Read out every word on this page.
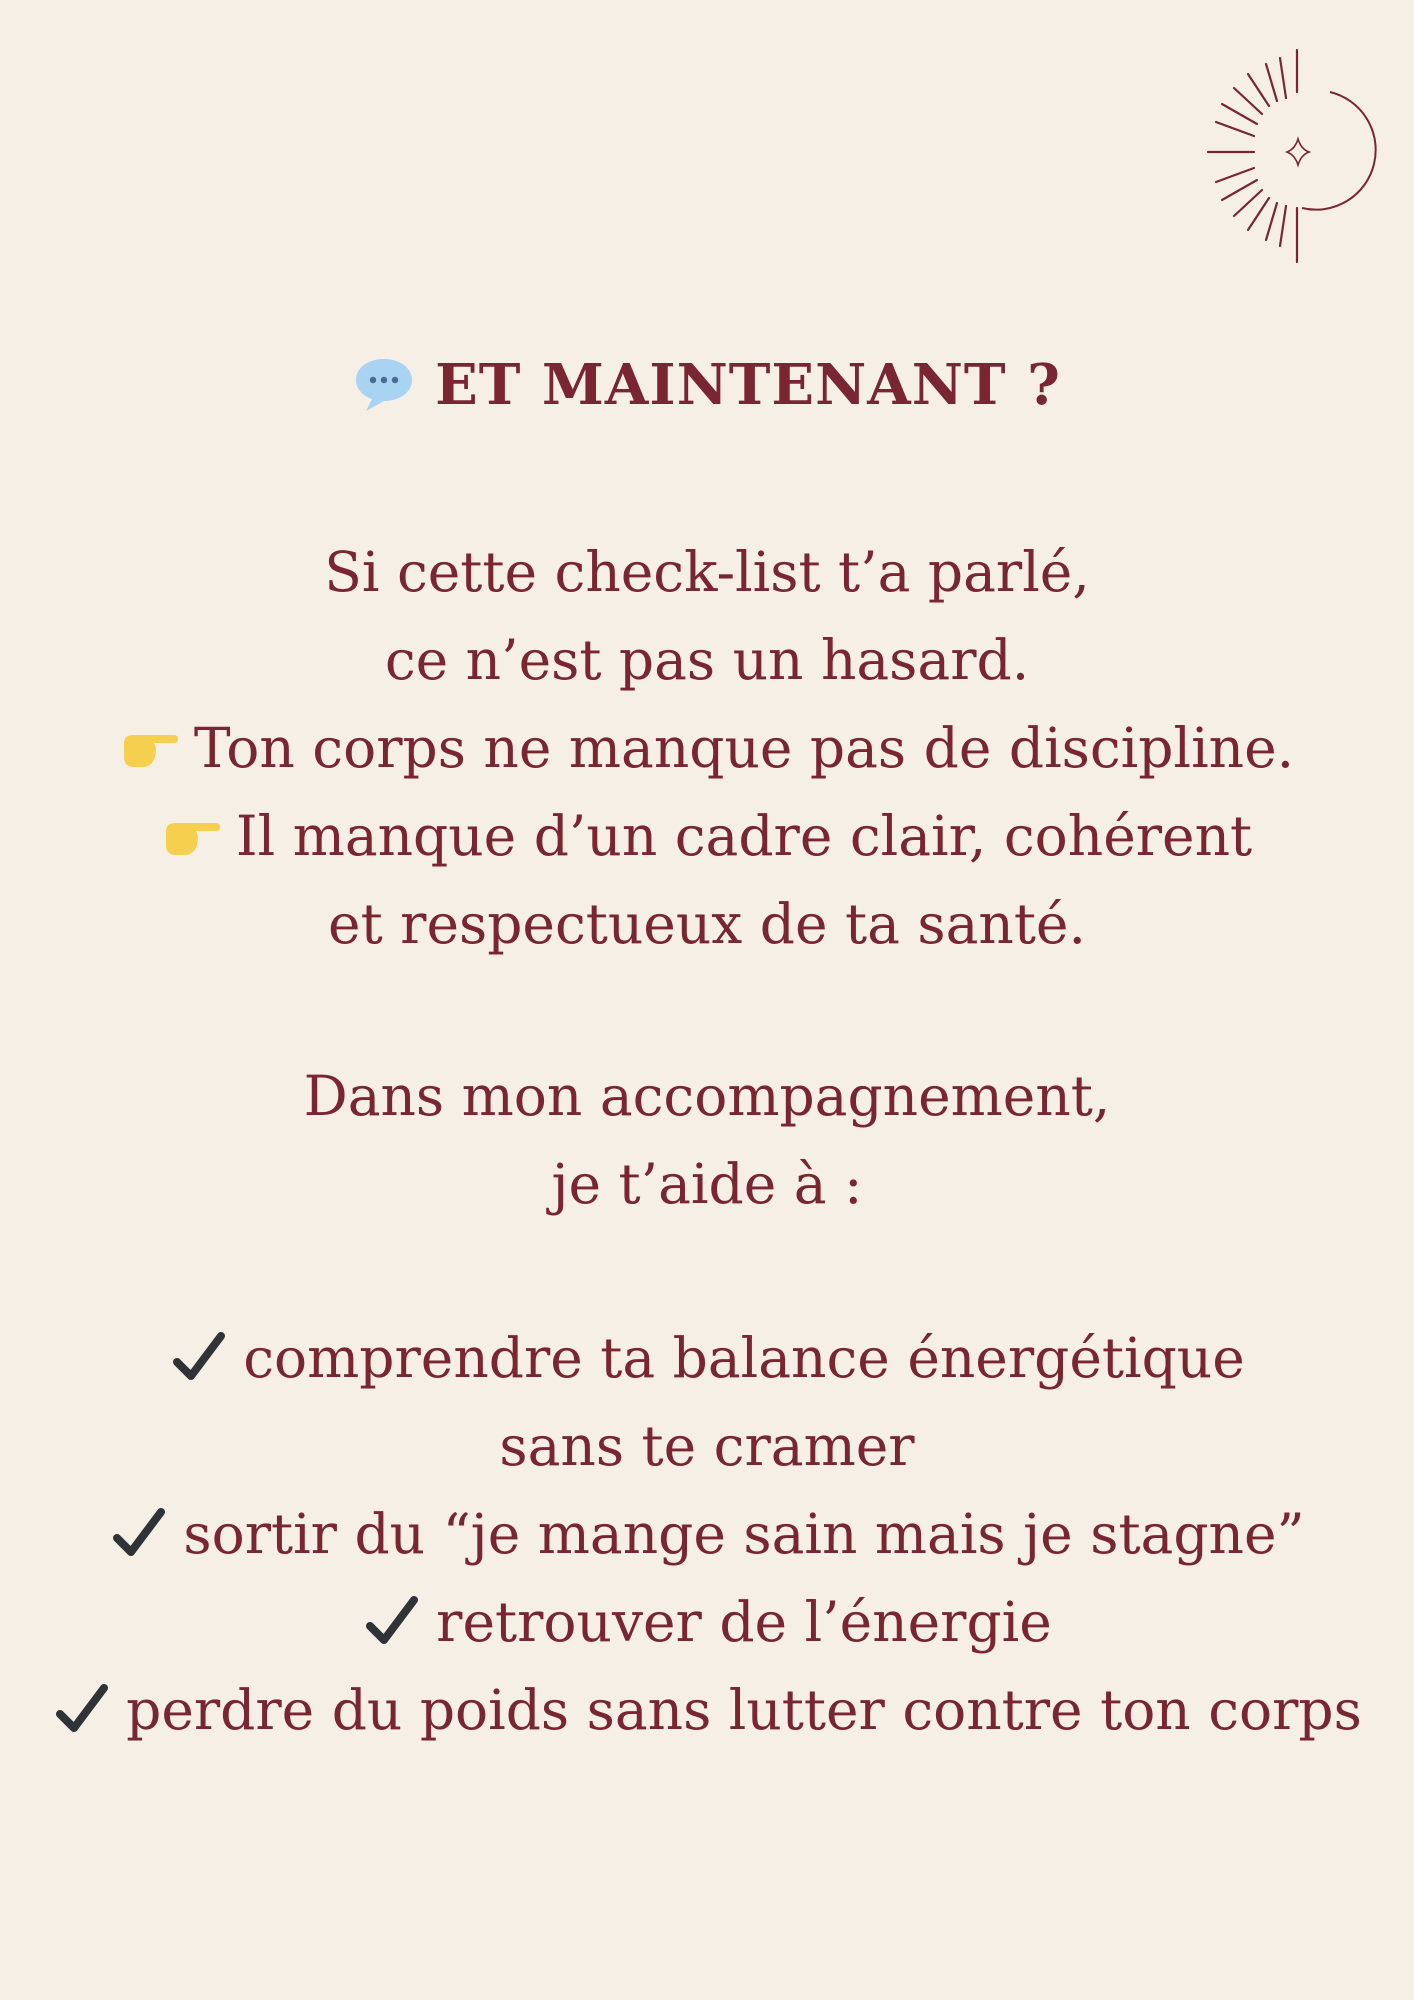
ET MAINTENANT ?
Si cette check-list t’a parlé,
ce n’est pas un hasard.
Ton corps ne manque pas de discipline.
Il manque d’un cadre clair, cohérent
et respectueux de ta santé.
Dans mon accompagnement,
je t’aide à :
comprendre ta balance énergétique
sans te cramer
sortir du “je mange sain mais je stagne”
retrouver de l’énergie
perdre du poids sans lutter contre ton corps
